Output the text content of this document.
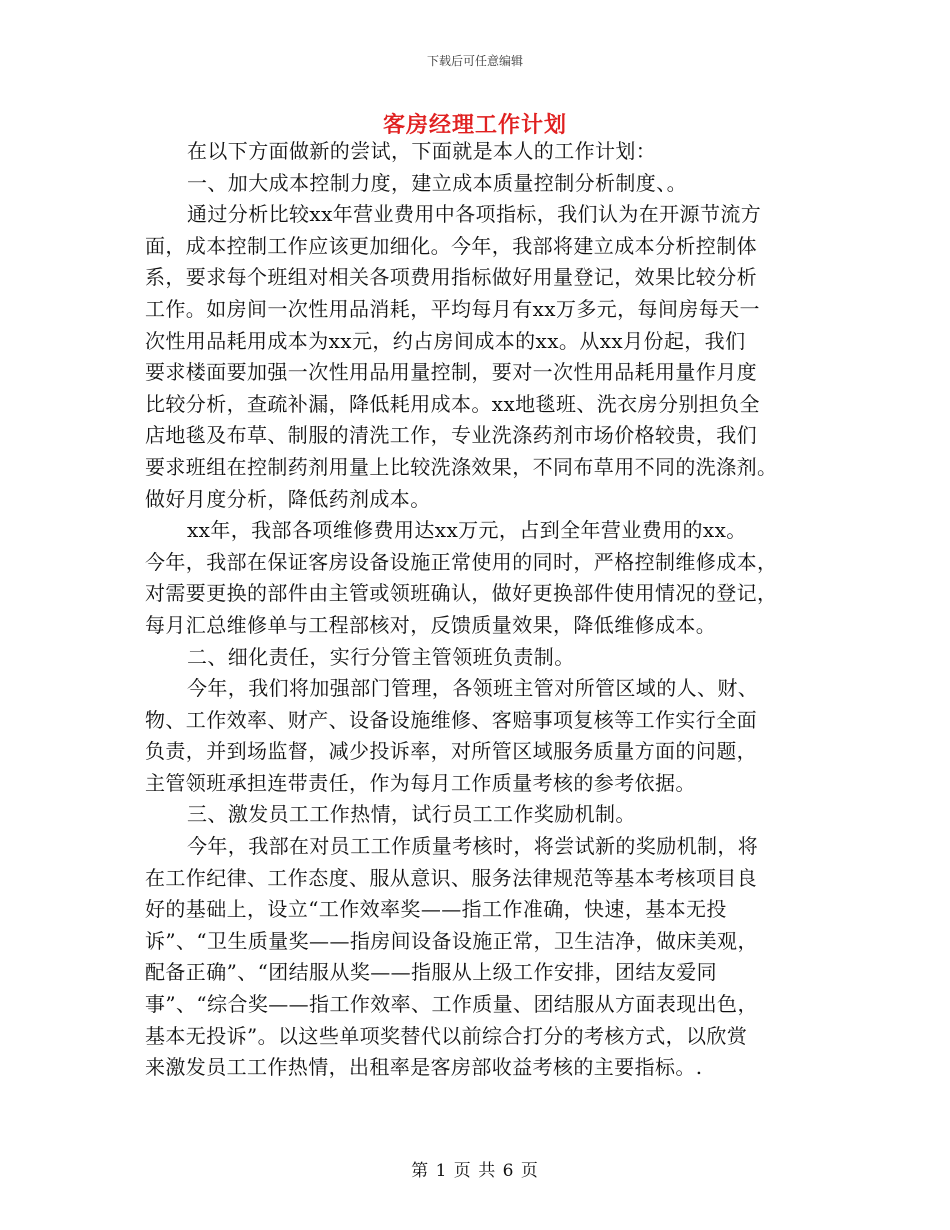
下载后可任意编辑
客房经理工作计划
在以下方面做新的尝试，下面就是本人的工作计划：
一、加大成本控制力度，建立成本质量控制分析制度、。
通过分析比较xx年营业费用中各项指标，我们认为在开源节流方
面，成本控制工作应该更加细化。今年，我部将建立成本分析控制体
系，要求每个班组对相关各项费用指标做好用量登记，效果比较分析
工作。如房间一次性用品消耗，平均每月有xx万多元，每间房每天一
次性用品耗用成本为xx元，约占房间成本的xx。从xx月份起，我们
要求楼面要加强一次性用品用量控制，要对一次性用品耗用量作月度
比较分析，查疏补漏，降低耗用成本。xx地毯班、洗衣房分别担负全
店地毯及布草、制服的清洗工作，专业洗涤药剂市场价格较贵，我们
要求班组在控制药剂用量上比较洗涤效果，不同布草用不同的洗涤剂。
做好月度分析，降低药剂成本。
xx年，我部各项维修费用达xx万元，占到全年营业费用的xx。
今年，我部在保证客房设备设施正常使用的同时，严格控制维修成本，
对需要更换的部件由主管或领班确认，做好更换部件使用情况的登记，
每月汇总维修单与工程部核对，反馈质量效果，降低维修成本。
二、细化责任，实行分管主管领班负责制。
今年，我们将加强部门管理，各领班主管对所管区域的人、财、
物、工作效率、财产、设备设施维修、客赔事项复核等工作实行全面
负责，并到场监督，减少投诉率，对所管区域服务质量方面的问题，
主管领班承担连带责任，作为每月工作质量考核的参考依据。
三、激发员工工作热情，试行员工工作奖励机制。
今年，我部在对员工工作质量考核时，将尝试新的奖励机制，将
在工作纪律、工作态度、服从意识、服务法律规范等基本考核项目良
好的基础上，设立“工作效率奖——指工作准确，快速，基本无投
诉”、“卫生质量奖——指房间设备设施正常，卫生洁净，做床美观，
配备正确”、“团结服从奖——指服从上级工作安排，团结友爱同
事”、“综合奖——指工作效率、工作质量、团结服从方面表现出色，
基本无投诉”。以这些单项奖替代以前综合打分的考核方式，以欣赏
来激发员工工作热情，出租率是客房部收益考核的主要指标。.
第 1 页 共 6 页
